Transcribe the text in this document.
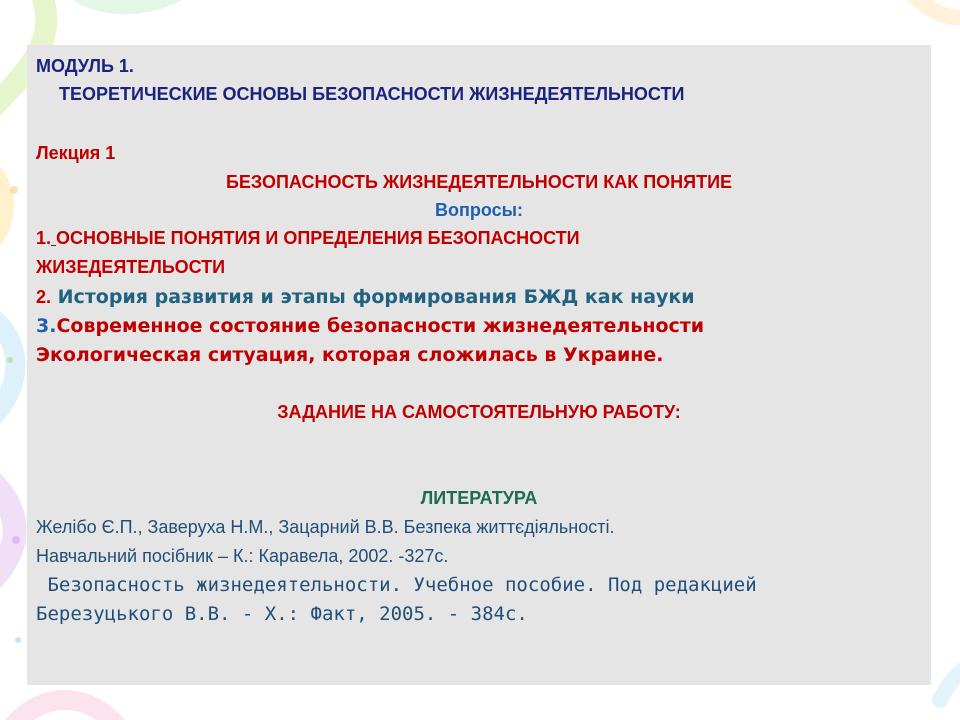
МОДУЛЬ 1.
ТЕОРЕТИЧЕСКИЕ ОСНОВЫ БЕЗОПАСНОСТИ ЖИЗНЕДЕЯТЕЛЬНОСТИ
Лекция 1
БЕЗОПАСНОСТЬ ЖИЗНЕДЕЯТЕЛЬНОСТИ КАК ПОНЯТИЕ
Вопросы:
1. ОСНОВНЫЕ ПОНЯТИЯ И ОПРЕДЕЛЕНИЯ БЕЗОПАСНОСТИ
ЖИЗЕДЕЯТЕЛЬОСТИ
2. История развития и этапы формирования БЖД как науки
3.Современное состояние безопасности жизнедеятельности
Экологическая ситуация, которая сложилась в Украине.
ЗАДАНИЕ НА САМОСТОЯТЕЛЬНУЮ РАБОТУ:
ЛИТЕРАТУРА
Желібо Є.П., Заверуха Н.М., Зацарний В.В. Безпека життєдіяльності.
Навчальний посібник – К.: Каравела, 2002. -327с.
Безопасность жизнедеятельности. Учебное пособие. Под редакцией
Березуцького В.В. - Х.: Факт, 2005. - 384с.
